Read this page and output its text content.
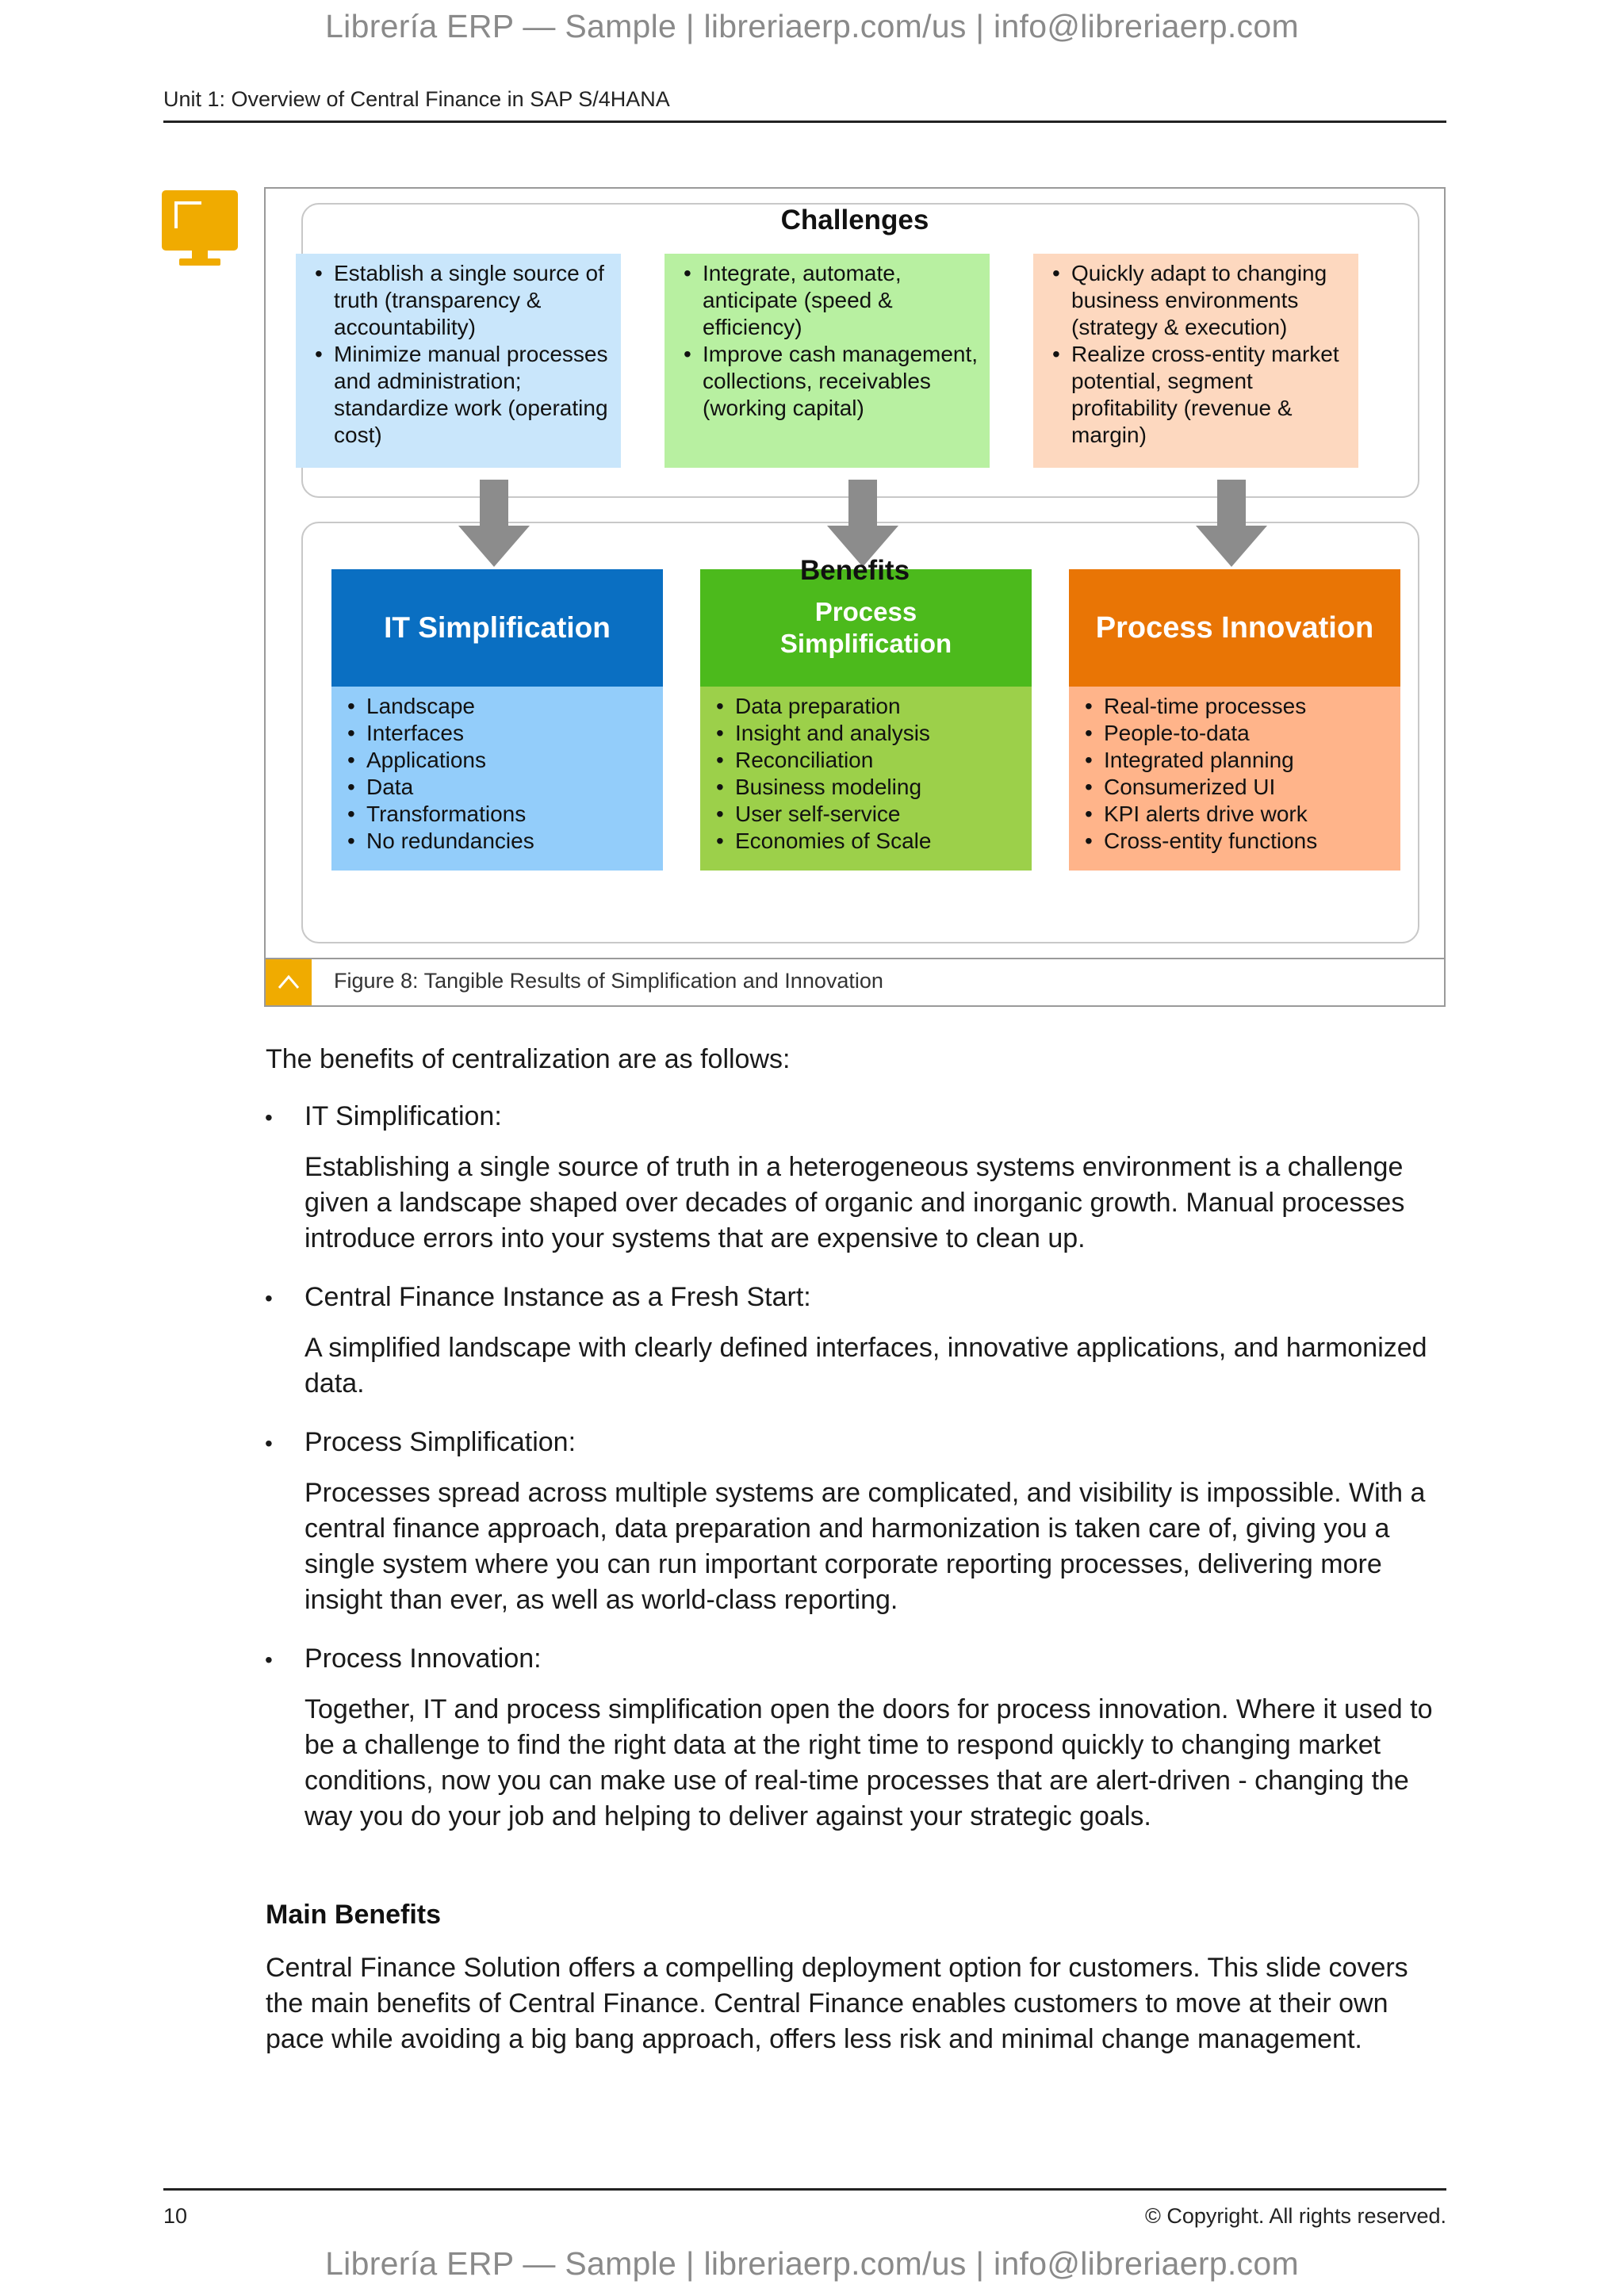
Librería ERP — Sample | libreriaerp.com/us | info@libreriaerp.com
Unit 1: Overview of Central Finance in SAP S/4HANA
Challenges
• Establish a single source of truth (transparency & accountability)
• Minimize manual processes and administration; standardize work (operating cost)
• Integrate, automate, anticipate (speed & efficiency)
• Improve cash management, collections, receivables (working capital)
• Quickly adapt to changing business environments (strategy & execution)
• Realize cross-entity market potential, segment profitability (revenue & margin)
IT Simplification	Process Simplification	Process Innovation
• Landscape
• Interfaces
• Applications
• Data
• Transformations
• No redundancies
• Data preparation
• Insight and analysis
• Reconciliation
• Business modeling
• User self-service
• Economies of Scale
• Real-time processes
• People-to-data
• Integrated planning
• Consumerized UI
• KPI alerts drive work
• Cross-entity functions
Benefits
Figure 8: Tangible Results of Simplification and Innovation

The benefits of centralization are as follows:

• IT Simplification:

Establishing a single source of truth in a heterogeneous systems environment is a challenge given a landscape shaped over decades of organic and inorganic growth. Manual processes introduce errors into your systems that are expensive to clean up.

• Central Finance Instance as a Fresh Start:

A simplified landscape with clearly defined interfaces, innovative applications, and harmonized data.

• Process Simplification:

Processes spread across multiple systems are complicated, and visibility is impossible. With a central finance approach, data preparation and harmonization is taken care of, giving you a single system where you can run important corporate reporting processes, delivering more insight than ever, as well as world-class reporting.

• Process Innovation:

Together, IT and process simplification open the doors for process innovation. Where it used to be a challenge to find the right data at the right time to respond quickly to changing market conditions, now you can make use of real-time processes that are alert-driven - changing the way you do your job and helping to deliver against your strategic goals.

Main Benefits

Central Finance Solution offers a compelling deployment option for customers. This slide covers the main benefits of Central Finance. Central Finance enables customers to move at their own pace while avoiding a big bang approach, offers less risk and minimal change management.

10	© Copyright. All rights reserved.
Librería ERP — Sample | libreriaerp.com/us | info@libreriaerp.com
